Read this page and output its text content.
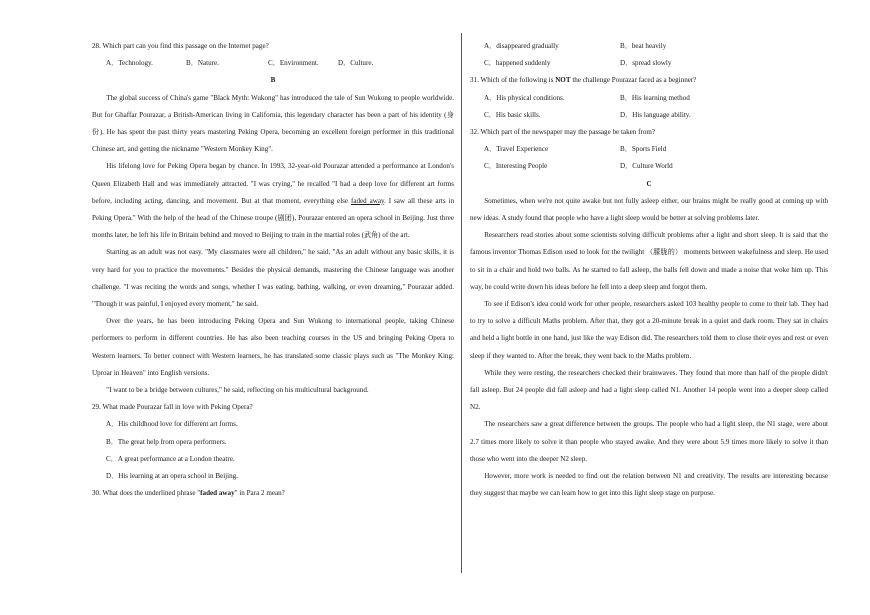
28. Which part can you find this passage on the Internet page?

A．Technology.	B．Nature.	C．Environment.	D．Culture.

B

The global success of China's game "Black Myth: Wukong" has introduced the tale of Sun Wukong to people worldwide. But for Ghaffar Pourazar, a British-American living in California, this legendary character has been a part of his identity (身份). He has spent the past thirty years mastering Peking Opera, becoming an excellent foreign performer in this traditional Chinese art, and getting the nickname "Western Monkey King".

His lifelong love for Peking Opera began by chance. In 1993, 32-year-old Pourazar attended a performance at London's Queen Elizabeth Hall and was immediately attracted. "I was crying," he recalled "I had a deep love for different art forms before, including acting, dancing, and movement. But at that moment, everything else faded away. I saw all these arts in Peking Opera." With the help of the head of the Chinese troupe (剧团), Pourazar entered an opera school in Beijing. Just three months later, he left his life in Britain behind and moved to Beijing to train in the martial roles (武角) of the art.

Starting as an adult was not easy. "My classmates were all children," he said. "As an adult without any basic skills, it is very hard for you to practice the movements." Besides the physical demands, mastering the Chinese language was another challenge. "I was reciting the words and songs, whether I was eating, bathing, walking, or even dreaming," Pourazar added. "Though it was painful, I enjoyed every moment," he said.

Over the years, he has been introducing Peking Opera and Sun Wukong to international people, taking Chinese performers to perform in different countries. He has also been teaching courses in the US and bringing Peking Opera to Western learners. To better connect with Western learners, he has translated some classic plays such as "The Monkey King: Uproar in Heaven" into English versions.

"I want to be a bridge between cultures," he said, reflecting on his multicultural background.

29. What made Pourazar fall in love with Peking Opera?

A．His childhood love for different art forms.

B．The great help from opera performers.

C．A great performance at a London theatre.

D．His learning at an opera school in Beijing.

30. What does the underlined phrase "faded away" in Para 2 mean?

A．disappeared gradually	B．beat heavily
C．happened suddenly	D．spread slowly

31. Which of the following is NOT the challenge Pourazar faced as a beginner?

A．His physical conditions.	B．His learning method
C．His basic skills.	D．His language ability.

32. Which part of the newspaper may the passage be taken from?

A．Travel Experience	B．Sports Field
C．Interesting People	D．Culture World

C

Sometimes, when we're not quite awake but not fully asleep either, our brains might be really good at coming up with new ideas. A study found that people who have a light sleep would be better at solving problems later.

Researchers read stories about some scientists solving difficult problems after a light and short sleep. It is said that the famous inventor Thomas Edison used to look for the twilight （朦胧的） moments between wakefulness and sleep. He used to sit in a chair and hold two balls. As he started to fall asleep, the balls fell down and made a noise that woke him up. This way, he could write down his ideas before he fell into a deep sleep and forgot them.

To see if Edison's idea could work for other people, researchers asked 103 healthy people to come to their lab. They had to try to solve a difficult Maths problem. After that, they got a 20-minute break in a quiet and dark room. They sat in chairs and held a light bottle in one hand, just like the way Edison did. The researchers told them to close their eyes and rest or even sleep if they wanted to. After the break, they went back to the Maths problem.

While they were resting, the researchers checked their brainwaves. They found that more than half of the people didn't fall asleep. But 24 people did fall asleep and had a light sleep called N1. Another 14 people went into a deeper sleep called N2.

The researchers saw a great difference between the groups. The people who had a light sleep, the N1 stage, were about 2.7 times more likely to solve it than people who stayed awake. And they were about 5.9 times more likely to solve it than those who went into the deeper N2 sleep.

However, more work is needed to find out the relation between N1 and creativity. The results are interesting because they suggest that maybe we can learn how to get into this light sleep stage on purpose.
